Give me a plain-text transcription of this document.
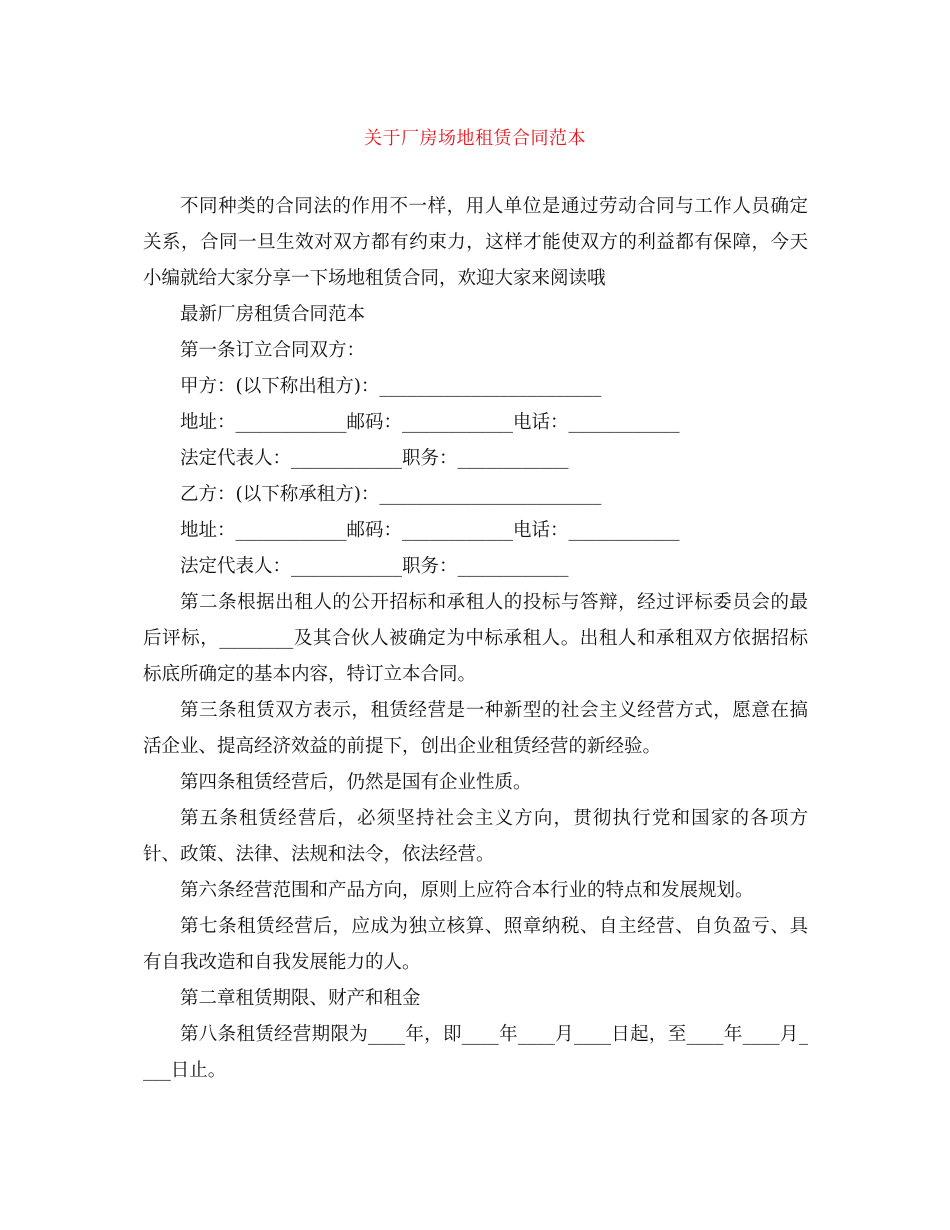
关于厂房场地租赁合同范本

不同种类的合同法的作用不一样，用人单位是通过劳动合同与工作人员确定关系，合同一旦生效对双方都有约束力，这样才能使双方的利益都有保障，今天小编就给大家分享一下场地租赁合同，欢迎大家来阅读哦

最新厂房租赁合同范本

第一条订立合同双方：

甲方：(以下称出租方)：________________________

地址：____________邮码：____________电话：____________

法定代表人：____________职务：____________

乙方：(以下称承租方)：________________________

地址：____________邮码：____________电话：____________

法定代表人：____________职务：____________

第二条根据出租人的公开招标和承租人的投标与答辩，经过评标委员会的最后评标，________及其合伙人被确定为中标承租人。出租人和承租双方依据招标标底所确定的基本内容，特订立本合同。

第三条租赁双方表示，租赁经营是一种新型的社会主义经营方式，愿意在搞活企业、提高经济效益的前提下，创出企业租赁经营的新经验。

第四条租赁经营后，仍然是国有企业性质。

第五条租赁经营后，必须坚持社会主义方向，贯彻执行党和国家的各项方针、政策、法律、法规和法令，依法经营。

第六条经营范围和产品方向，原则上应符合本行业的特点和发展规划。

第七条租赁经营后，应成为独立核算、照章纳税、自主经营、自负盈亏、具有自我改造和自我发展能力的人。

第二章租赁期限、财产和租金

第八条租赁经营期限为____年，即____年____月____日起，至____年____月____日止。
